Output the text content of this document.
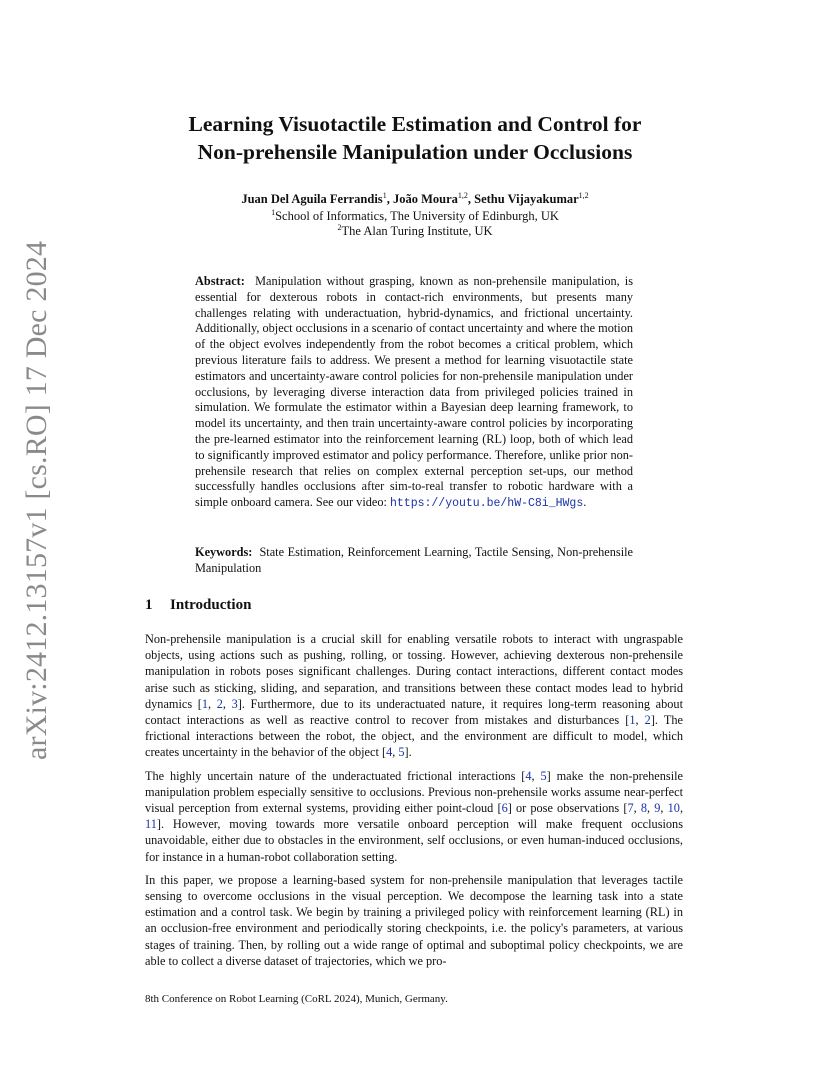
arXiv:2412.13157v1 [cs.RO] 17 Dec 2024
Learning Visuotactile Estimation and Control for
Non-prehensile Manipulation under Occlusions
Juan Del Aguila Ferrandis$^1$, João Moura$^{1,2}$, Sethu Vijayakumar$^{1,2}$
$^1$School of Informatics, The University of Edinburgh, UK
$^2$The Alan Turing Institute, UK
Abstract: Manipulation without grasping, known as non-prehensile manipulation, is essential for dexterous robots in contact-rich environments, but presents many challenges relating with underactuation, hybrid-dynamics, and frictional uncertainty. Additionally, object occlusions in a scenario of contact uncertainty and where the motion of the object evolves independently from the robot becomes a critical problem, which previous literature fails to address. We present a method for learning visuotactile state estimators and uncertainty-aware control policies for non-prehensile manipulation under occlusions, by leveraging diverse interaction data from privileged policies trained in simulation. We formulate the estimator within a Bayesian deep learning framework, to model its uncertainty, and then train uncertainty-aware control policies by incorporating the pre-learned estimator into the reinforcement learning (RL) loop, both of which lead to significantly improved estimator and policy performance. Therefore, unlike prior non-prehensile research that relies on complex external perception set-ups, our method successfully handles occlusions after sim-to-real transfer to robotic hardware with a simple onboard camera. See our video: https://youtu.be/hW-C8i_HWgs.
Keywords: State Estimation, Reinforcement Learning, Tactile Sensing, Non-prehensile Manipulation
1 Introduction

Non-prehensile manipulation is a crucial skill for enabling versatile robots to interact with ungraspable objects, using actions such as pushing, rolling, or tossing. However, achieving dexterous non-prehensile manipulation in robots poses significant challenges. During contact interactions, different contact modes arise such as sticking, sliding, and separation, and transitions between these contact modes lead to hybrid dynamics [1, 2, 3]. Furthermore, due to its underactuated nature, it requires long-term reasoning about contact interactions as well as reactive control to recover from mistakes and disturbances [1, 2]. The frictional interactions between the robot, the object, and the environment are difficult to model, which creates uncertainty in the behavior of the object [4, 5].

The highly uncertain nature of the underactuated frictional interactions [4, 5] make the non-prehensile manipulation problem especially sensitive to occlusions. Previous non-prehensile works assume near-perfect visual perception from external systems, providing either point-cloud [6] or pose observations [7, 8, 9, 10, 11]. However, moving towards more versatile onboard perception will make frequent occlusions unavoidable, either due to obstacles in the environment, self occlusions, or even human-induced occlusions, for instance in a human-robot collaboration setting.

In this paper, we propose a learning-based system for non-prehensile manipulation that leverages tactile sensing to overcome occlusions in the visual perception. We decompose the learning task into a state estimation and a control task. We begin by training a privileged policy with reinforcement learning (RL) in an occlusion-free environment and periodically storing checkpoints, i.e. the policy's parameters, at various stages of training. Then, by rolling out a wide range of optimal and suboptimal policy checkpoints, we are able to collect a diverse dataset of trajectories, which we pro-

8th Conference on Robot Learning (CoRL 2024), Munich, Germany.
